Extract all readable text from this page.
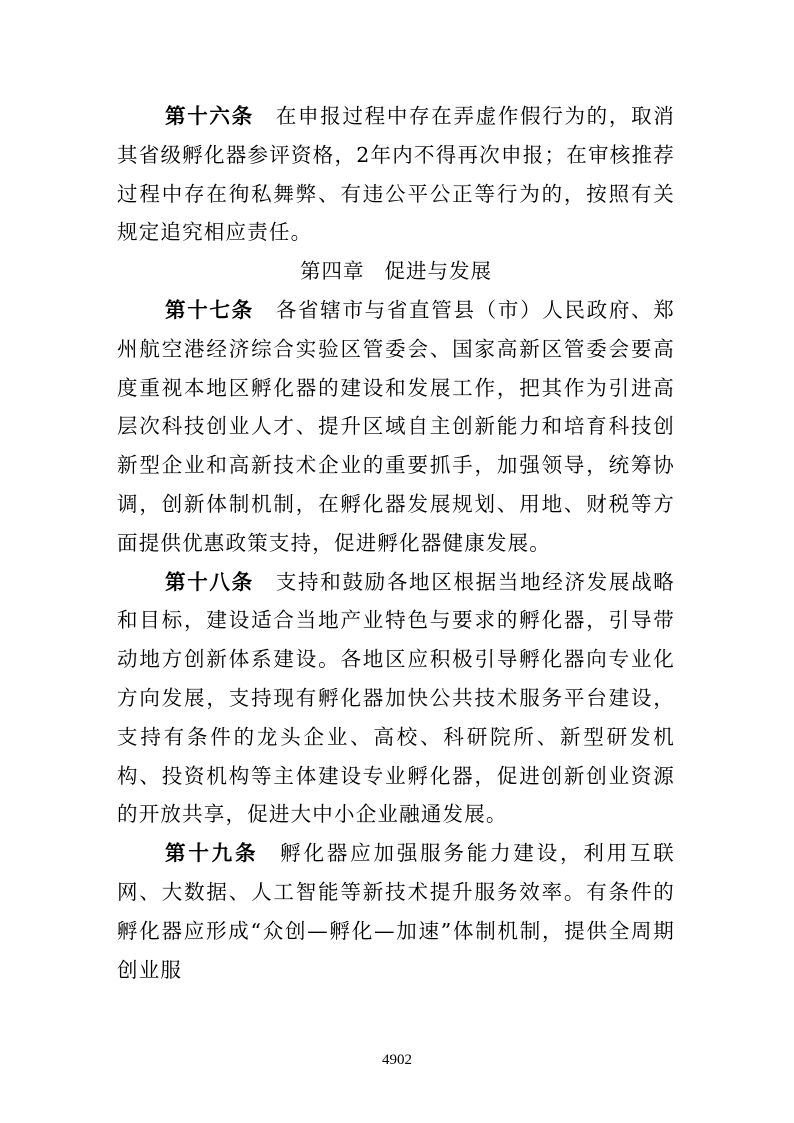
第十六条 在申报过程中存在弄虚作假行为的，取消其省级孵化器参评资格，2年内不得再次申报；在审核推荐过程中存在徇私舞弊、有违公平公正等行为的，按照有关规定追究相应责任。

第四章 促进与发展

第十七条 各省辖市与省直管县（市）人民政府、郑州航空港经济综合实验区管委会、国家高新区管委会要高度重视本地区孵化器的建设和发展工作，把其作为引进高层次科技创业人才、提升区域自主创新能力和培育科技创新型企业和高新技术企业的重要抓手，加强领导，统筹协调，创新体制机制，在孵化器发展规划、用地、财税等方面提供优惠政策支持，促进孵化器健康发展。

第十八条 支持和鼓励各地区根据当地经济发展战略和目标，建设适合当地产业特色与要求的孵化器，引导带动地方创新体系建设。各地区应积极引导孵化器向专业化方向发展，支持现有孵化器加快公共技术服务平台建设，支持有条件的龙头企业、高校、科研院所、新型研发机构、投资机构等主体建设专业孵化器，促进创新创业资源的开放共享，促进大中小企业融通发展。

第十九条 孵化器应加强服务能力建设，利用互联网、大数据、人工智能等新技术提升服务效率。有条件的孵化器应形成“众创—孵化—加速”体制机制，提供全周期创业服

4902
